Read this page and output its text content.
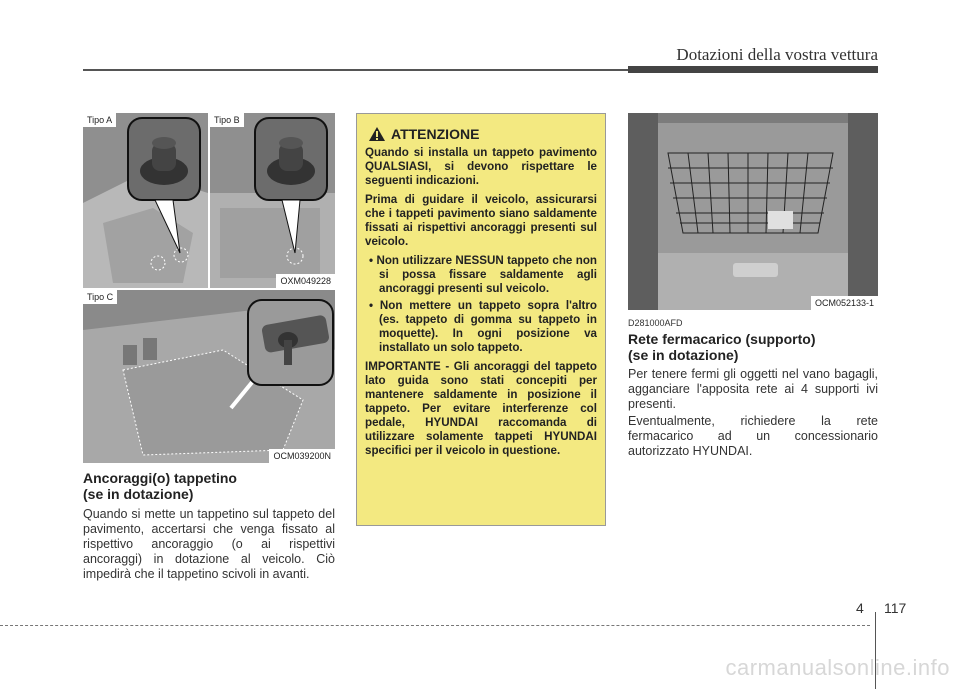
Dotazioni della vostra vettura
Tipo A	Tipo B
OXM049228
Tipo C
OCM039200N
Ancoraggi(o) tappetino
(se in dotazione)

Quando si mette un tappetino sul tappeto del pavimento, accertarsi che venga fissato al rispettivo ancoraggio (o ai rispettivi ancoraggi) in dotazione al veicolo. Ciò impedirà che il tappetino scivoli in avanti.

ATTENZIONE

Quando si installa un tappeto pavimento QUALSIASI, si devono rispettare le seguenti indicazioni.

Prima di guidare il veicolo, assicurarsi che i tappeti pavimento siano saldamente fissati ai rispettivi ancoraggi presenti sul veicolo.

• Non utilizzare NESSUN tappeto che non si possa fissare saldamente agli ancoraggi presenti sul veicolo.
• Non mettere un tappeto sopra l'altro (es. tappeto di gomma su tappeto in moquette). In ogni posizione va installato un solo tappeto.

IMPORTANTE - Gli ancoraggi del tappeto lato guida sono stati concepiti per mantenere saldamente in posizione il tappeto. Per evitare interferenze col pedale, HYUNDAI raccomanda di utilizzare solamente tappeti HYUNDAI specifici per il veicolo in questione.

OCM052133-1
D281000AFD
Rete fermacarico (supporto)
(se in dotazione)

Per tenere fermi gli oggetti nel vano bagagli, agganciare l'apposita rete ai 4 supporti ivi presenti.

Eventualmente, richiedere la rete fermacarico ad un concessionario autorizzato HYUNDAI.

4 117
carmanualsonline.info
